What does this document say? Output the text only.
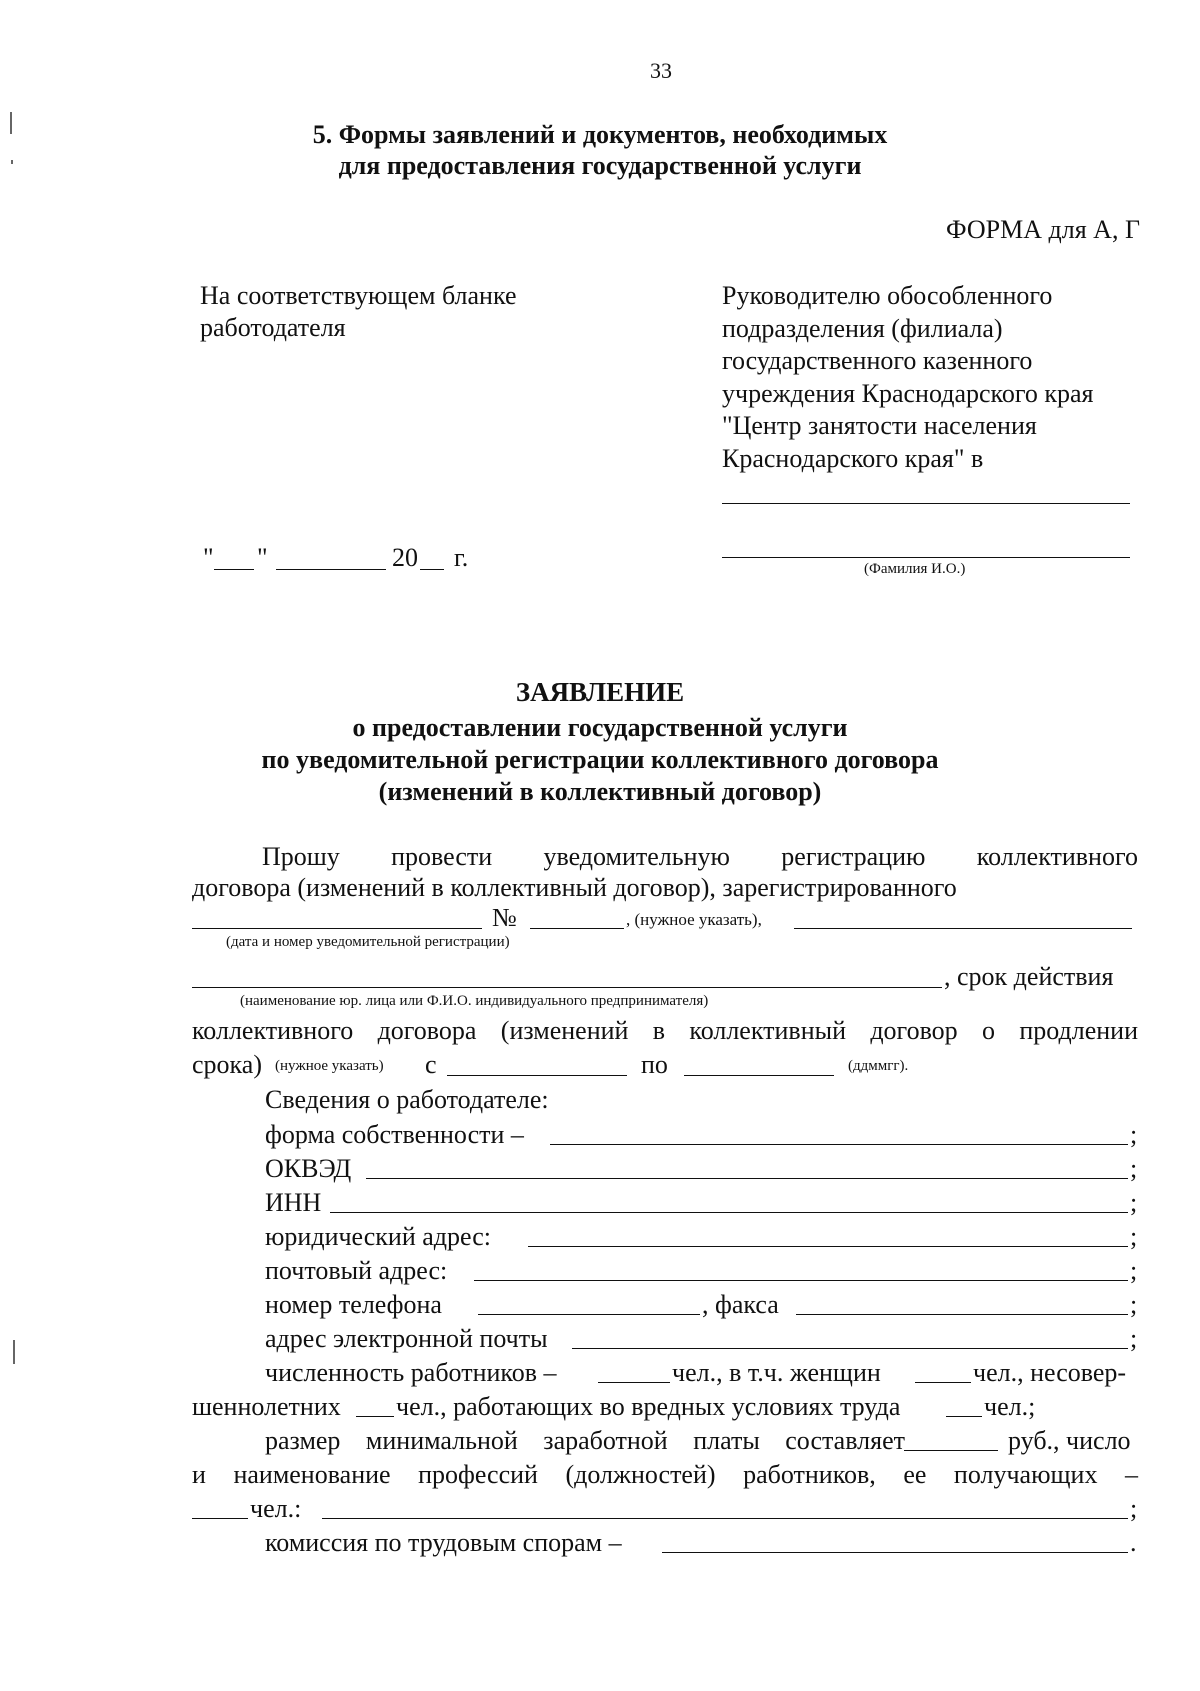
33
5. Формы заявлений и документов, необходимых
для предоставления государственной услуги
ФОРМА для А, Г
На соответствующем бланке
работодателя
Руководителю обособленного
подразделения (филиала)
государственного казенного
учреждения Краснодарского края
"Центр занятости населения
Краснодарского края" в
" "	20 г.	(Фамилия И.О.)
ЗАЯВЛЕНИЕ
о предоставлении государственной услуги
по уведомительной регистрации коллективного договора
(изменений в коллективный договор)
Прошу провести уведомительную регистрацию коллективного
договора (изменений в коллективный договор), зарегистрированного
№	, (нужное указать),
(дата и номер уведомительной регистрации)
, срок действия
(наименование юр. лица или Ф.И.О. индивидуального предпринимателя)
коллективного договора (изменений в коллективный договор о продлении
срока) (нужное указать) с	по	(ддммгг).
Сведения о работодателе:
форма собственности –	;
ОКВЭД	;
ИНН	;
юридический адрес:	;
почтовый адрес:	;
номер телефона	, факса	;
адрес электронной почты	;
численность работников –	чел., в т.ч. женщин	чел., несовер-
шеннолетних чел., работающих во вредных условиях труда	чел.;
размер минимальной заработной платы составляет	руб., число
и наименование профессий (должностей) работников, ее получающих –
чел.:	;
комиссия по трудовым спорам –	.
